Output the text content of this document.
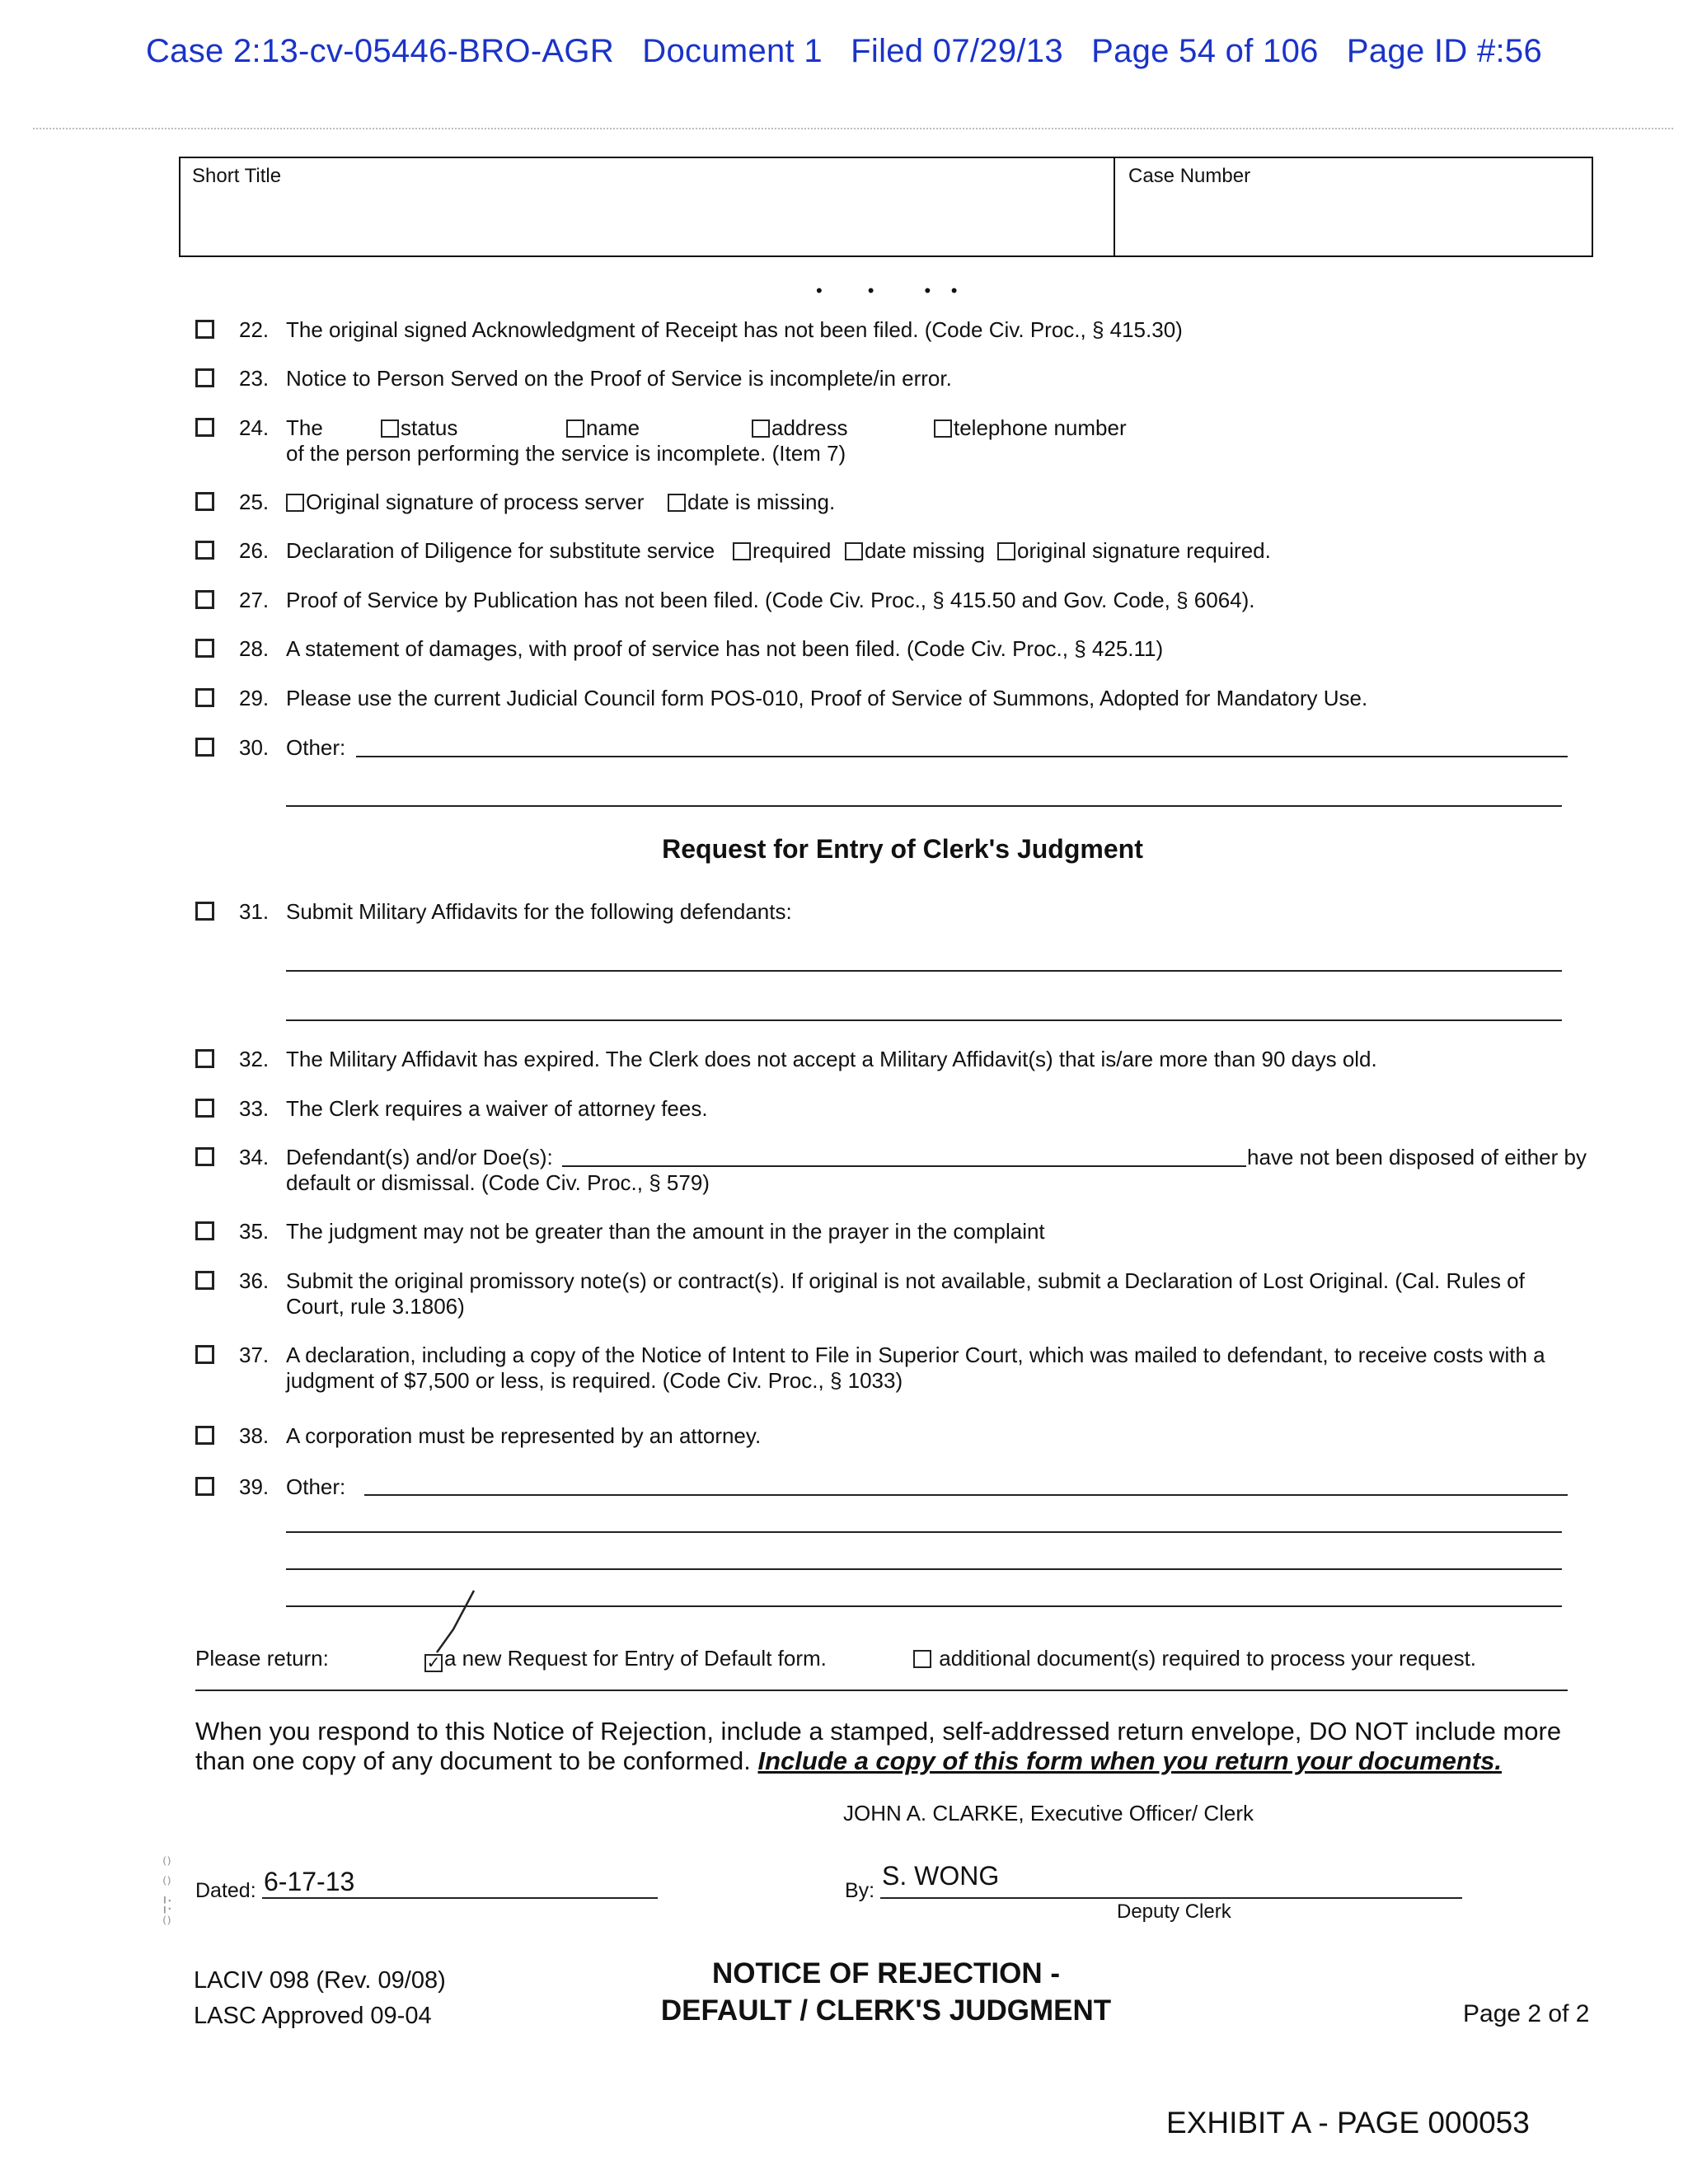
Case 2:13-cv-05446-BRO-AGR   Document 1   Filed 07/29/13   Page 54 of 106   Page ID #:56
Short Title	Case Number
•         •          •    •
22. The original signed Acknowledgment of Receipt has not been filed. (Code Civ. Proc., § 415.30)
23. Notice to Person Served on the Proof of Service is incomplete/in error.
24. The	status	name	address	telephone number
of the person performing the service is incomplete. (Item 7)
25.	Original signature of process server	date is missing.
26. Declaration of Diligence for substitute service	required	date missing	original signature required.
27. Proof of Service by Publication has not been filed. (Code Civ. Proc., § 415.50 and Gov. Code, § 6064).
28. A statement of damages, with proof of service has not been filed. (Code Civ. Proc., § 425.11)
29. Please use the current Judicial Council form POS-010, Proof of Service of Summons, Adopted for Mandatory Use.
30. Other:
Request for Entry of Clerk's Judgment
31. Submit Military Affidavits for the following defendants:
32. The Military Affidavit has expired. The Clerk does not accept a Military Affidavit(s) that is/are more than 90 days old.
33. The Clerk requires a waiver of attorney fees.
34. Defendant(s) and/or Doe(s):	have not been disposed of either by
default or dismissal. (Code Civ. Proc., § 579)
35. The judgment may not be greater than the amount in the prayer in the complaint
36. Submit the original promissory note(s) or contract(s). If original is not available, submit a Declaration of Lost Original. (Cal. Rules of
Court, rule 3.1806)
37. A declaration, including a copy of the Notice of Intent to File in Superior Court, which was mailed to defendant, to receive costs with a
judgment of $7,500 or less, is required. (Code Civ. Proc., § 1033)
38. A corporation must be represented by an attorney.
39. Other:
Please return:	✓ a new Request for Entry of Default form.	additional document(s) required to process your request.
When you respond to this Notice of Rejection, include a stamped, self-addressed return envelope, DO NOT include more than one copy of any document to be conformed. Include a copy of this form when you return your documents.
JOHN A. CLARKE, Executive Officer/ Clerk
⁽⁾
⁽⁾
¦:
⁽⁾
Dated: 6-17-13	By: S. WONG
Deputy Clerk
LACIV 098 (Rev. 09/08)
LASC Approved 09-04
NOTICE OF REJECTION -
DEFAULT / CLERK'S JUDGMENT	Page 2 of 2
EXHIBIT A - PAGE 000053
